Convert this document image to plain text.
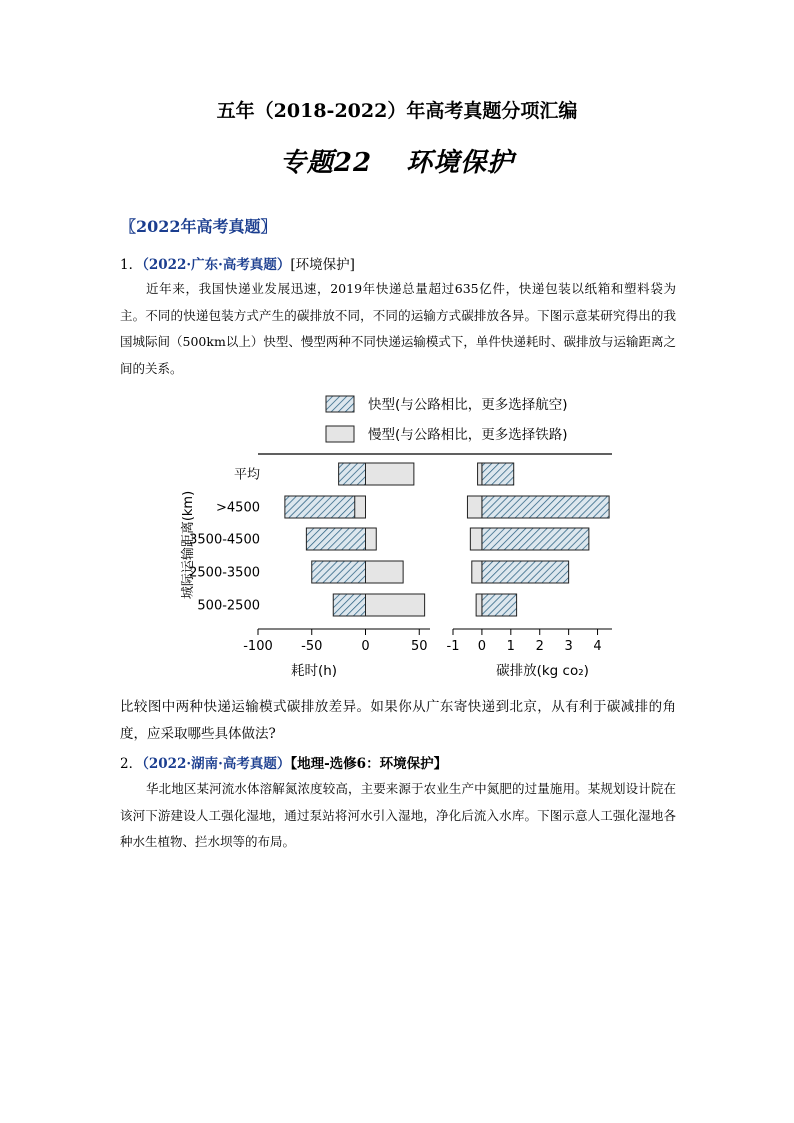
五年（2018-2022）年高考真题分项汇编
专题22 环境保护
〖2022年高考真题〗
1．（2022·广东·高考真题）[环境保护]
近年来，我国快递业发展迅速，2019年快递总量超过635亿件，快递包装以纸箱和塑料袋为主。不同的快递包装方式产生的碳排放不同，不同的运输方式碳排放各异。下图示意某研究得出的我国城际间（500km以上）快型、慢型两种不同快递运输模式下，单件快递耗时、碳排放与运输距离之间的关系。
快型(与公路相比，更多选择航空)
慢型(与公路相比，更多选择铁路)
城际运输距离(km)
平均
>4500
3500-4500
2500-3500
500-2500
-100 -50	0	50
耗时(h)
-1 0 1 2 3 4
碳排放(kg co₂)
比较图中两种快递运输模式碳排放差异。如果你从广东寄快递到北京，从有利于碳减排的角度，应采取哪些具体做法?
2．（2022·湖南·高考真题）【地理-选修6：环境保护】
华北地区某河流水体溶解氮浓度较高，主要来源于农业生产中氮肥的过量施用。某规划设计院在该河下游建设人工强化湿地，通过泵站将河水引入湿地，净化后流入水库。下图示意人工强化湿地各种水生植物、拦水坝等的布局。
